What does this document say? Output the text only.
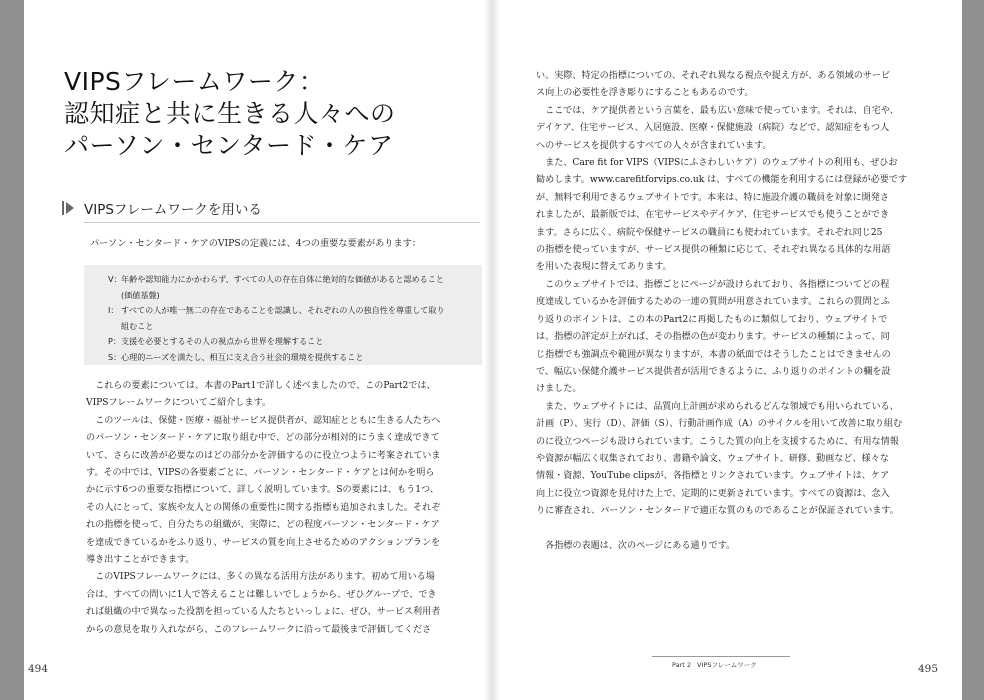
VIPSフレームワーク：
認知症と共に生きる人々への
パーソン・センタード・ケア
VIPSフレームワークを用いる
パーソン・センタード・ケアのVIPSの定義には、4つの重要な要素があります：
V： 年齢や認知能力にかかわらず、すべての人の存在自体に絶対的な価値があると認めること
(価値基盤)
I： すべての人が唯一無二の存在であることを認識し、それぞれの人の独自性を尊重して取り
組むこと
P： 支援を必要とするその人の視点から世界を理解すること
S： 心理的ニーズを満たし、相互に支え合う社会的環境を提供すること

これらの要素については、本書のPart1で詳しく述べましたので、このPart2では、
VIPSフレームワークについてご紹介します。

このツールは、保健・医療・福祉サービス提供者が、認知症とともに生きる人たちへ
のパーソン・センタード・ケアに取り組む中で、どの部分が相対的にうまく達成できて
いて、さらに改善が必要なのはどの部分かを評価するのに役立つように考案されていま
す。その中では、VIPSの各要素ごとに、パーソン・センタード・ケアとは何かを明ら
かに示す6つの重要な指標について、詳しく説明しています。Sの要素には、もう1つ、
その人にとって、家族や友人との関係の重要性に関する指標も追加されました。それぞ
れの指標を使って、自分たちの組織が、実際に、どの程度パーソン・センタード・ケア
を達成できているかをふり返り、サービスの質を向上させるためのアクションプランを
導き出すことができます。

このVIPSフレームワークには、多くの異なる活用方法があります。初めて用いる場
合は、すべての問いに1人で答えることは難しいでしょうから、ぜひグループで、でき
れば組織の中で異なった役割を担っている人たちといっしょに、ぜひ、サービス利用者
からの意見を取り入れながら、このフレームワークに沿って最後まで評価してくださ

494

い。実際、特定の指標についての、それぞれ異なる視点や捉え方が、ある領域のサービ
ス向上の必要性を浮き彫りにすることもあるのです。

ここでは、ケア提供者という言葉を、最も広い意味で使っています。それは、自宅や、
デイケア、住宅サービス、入居施設、医療・保健施設（病院）などで、認知症をもつ人
へのサービスを提供するすべての人々が含まれています。

また、Care fit for VIPS（VIPSにふさわしいケア）のウェブサイトの利用も、ぜひお
勧めします。www.carefitforvips.co.uk は、すべての機能を利用するには登録が必要です
が、無料で利用できるウェブサイトです。本来は、特に施設介護の職員を対象に開発さ
れましたが、最新版では、在宅サービスやデイケア、住宅サービスでも使うことができ
ます。さらに広く、病院や保健サービスの職員にも使われています。それぞれ同じ25
の指標を使っていますが、サービス提供の種類に応じて、それぞれ異なる具体的な用語
を用いた表現に替えてあります。

このウェブサイトでは、指標ごとにページが設けられており、各指標についてどの程
度達成しているかを評価するための一連の質問が用意されています。これらの質問とふ
り返りのポイントは、この本のPart2に再掲したものに類似しており、ウェブサイトで
は、指標の評定が上がれば、その指標の色が変わります。サービスの種類によって、同
じ指標でも強調点や範囲が異なりますが、本書の紙面ではそうしたことはできませんの
で、幅広い保健介護サービス提供者が活用できるように、ふり返りのポイントの欄を設
けました。

また、ウェブサイトには、品質向上計画が求められるどんな領域でも用いられている、
計画（P）、実行（D）、評価（S）、行動計画作成（A）のサイクルを用いて改善に取り組む
のに役立つページも設けられています。こうした質の向上を支援するために、有用な情報
や資源が幅広く収集されており、書籍や論文、ウェブサイト、研修、動画など、様々な
情報・資源、YouTube clipsが、各指標とリンクされています。ウェブサイトは、ケア
向上に役立つ資源を見付けた上で、定期的に更新されています。すべての資源は、念入
りに審査され、パーソン・センタードで適正な質のものであることが保証されています。

各指標の表題は、次のページにある通りです。

Part 2 VIPSフレームワーク	495
